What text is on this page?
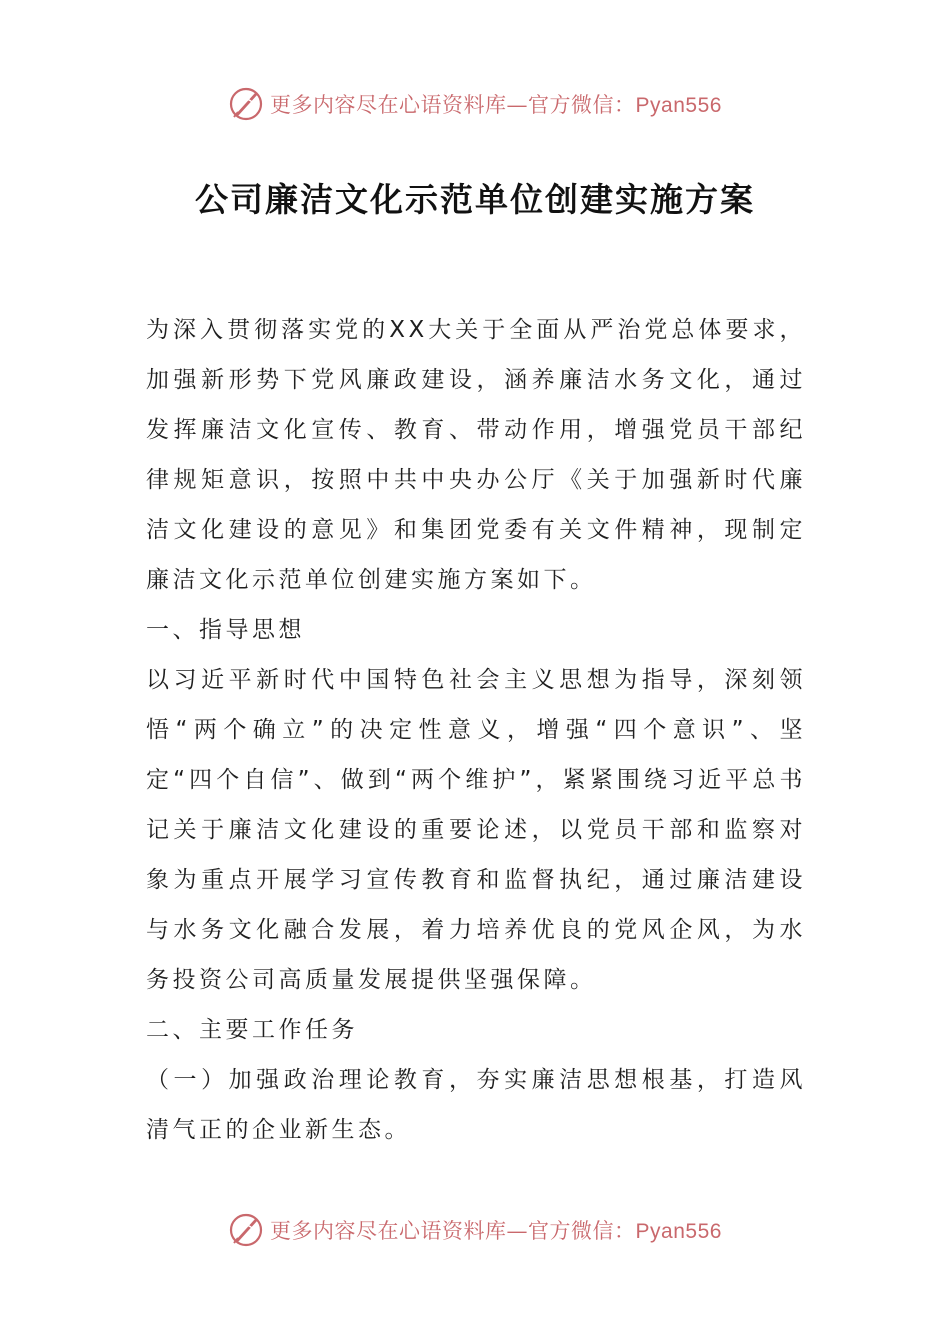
更多内容尽在心语资料库—官方微信：Pyan556
公司廉洁文化示范单位创建实施方案

为深入贯彻落实党的XX大关于全面从严治党总体要求，加强新形势下党风廉政建设，涵养廉洁水务文化，通过发挥廉洁文化宣传、教育、带动作用，增强党员干部纪律规矩意识，按照中共中央办公厅《关于加强新时代廉洁文化建设的意见》和集团党委有关文件精神，现制定廉洁文化示范单位创建实施方案如下。

一、指导思想

以习近平新时代中国特色社会主义思想为指导，深刻领悟“两个确立”的决定性意义，增强“四个意识”、坚定“四个自信”、做到“两个维护”，紧紧围绕习近平总书记关于廉洁文化建设的重要论述，以党员干部和监察对象为重点开展学习宣传教育和监督执纪，通过廉洁建设与水务文化融合发展，着力培养优良的党风企风，为水务投资公司高质量发展提供坚强保障。

二、主要工作任务

（一）加强政治理论教育，夯实廉洁思想根基，打造风清气正的企业新生态。

更多内容尽在心语资料库—官方微信：Pyan556
